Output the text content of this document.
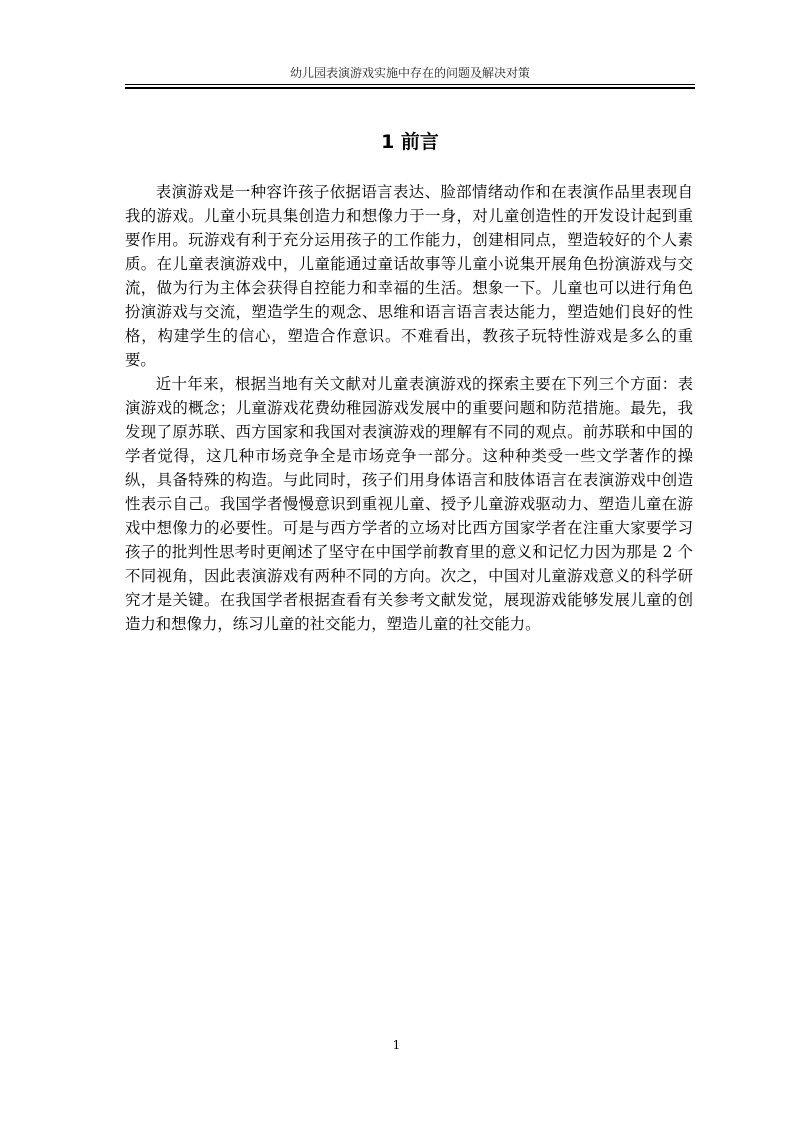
幼儿园表演游戏实施中存在的问题及解决对策
1 前言

表演游戏是一种容许孩子依据语言表达、脸部情绪动作和在表演作品里表现自我的游戏。儿童小玩具集创造力和想像力于一身，对儿童创造性的开发设计起到重要作用。玩游戏有利于充分运用孩子的工作能力，创建相同点，塑造较好的个人素质。在儿童表演游戏中，儿童能通过童话故事等儿童小说集开展角色扮演游戏与交流，做为行为主体会获得自控能力和幸福的生活。想象一下。儿童也可以进行角色扮演游戏与交流，塑造学生的观念、思维和语言语言表达能力，塑造她们良好的性格，构建学生的信心，塑造合作意识。不难看出，教孩子玩特性游戏是多么的重要。

近十年来，根据当地有关文献对儿童表演游戏的探索主要在下列三个方面：表演游戏的概念；儿童游戏花费幼稚园游戏发展中的重要问题和防范措施。最先，我发现了原苏联、西方国家和我国对表演游戏的理解有不同的观点。前苏联和中国的学者觉得，这几种市场竞争全是市场竞争一部分。这种种类受一些文学著作的操纵，具备特殊的构造。与此同时，孩子们用身体语言和肢体语言在表演游戏中创造性表示自己。我国学者慢慢意识到重视儿童、授予儿童游戏驱动力、塑造儿童在游戏中想像力的必要性。可是与西方学者的立场对比西方国家学者在注重大家要学习孩子的批判性思考时更阐述了坚守在中国学前教育里的意义和记忆力因为那是 2 个不同视角，因此表演游戏有两种不同的方向。次之，中国对儿童游戏意义的科学研究才是关键。在我国学者根据查看有关参考文献发觉，展现游戏能够发展儿童的创造力和想像力，练习儿童的社交能力，塑造儿童的社交能力。

1
